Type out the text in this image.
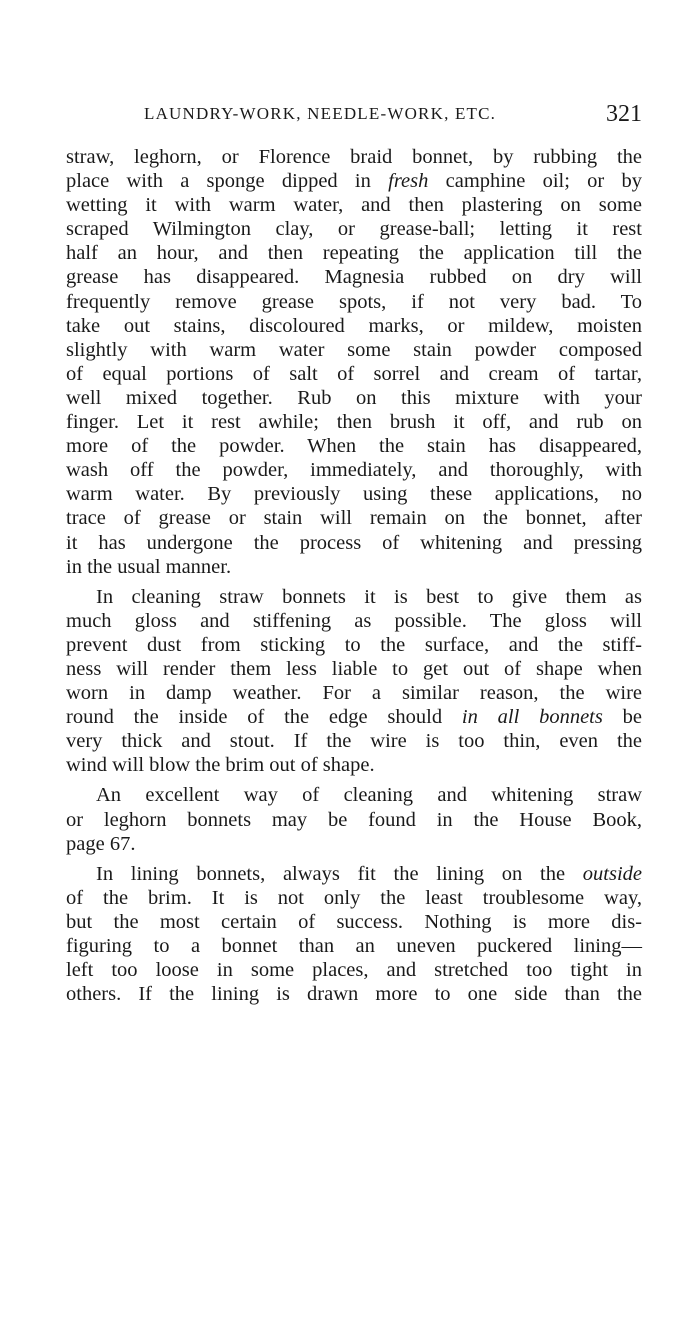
LAUNDRY-WORK, NEEDLE-WORK, ETC.	321
straw, leghorn, or Florence braid bonnet, by rubbing the
place with a sponge dipped in fresh camphine oil; or by
wetting it with warm water, and then plastering on some
scraped Wilmington clay, or grease-ball; letting it rest
half an hour, and then repeating the application till the
grease has disappeared. Magnesia rubbed on dry will
frequently remove grease spots, if not very bad. To
take out stains, discoloured marks, or mildew, moisten
slightly with warm water some stain powder composed
of equal portions of salt of sorrel and cream of tartar,
well mixed together. Rub on this mixture with your
finger. Let it rest awhile; then brush it off, and rub on
more of the powder. When the stain has disappeared,
wash off the powder, immediately, and thoroughly, with
warm water. By previously using these applications, no
trace of grease or stain will remain on the bonnet, after
it has undergone the process of whitening and pressing
in the usual manner.
In cleaning straw bonnets it is best to give them as
much gloss and stiffening as possible. The gloss will
prevent dust from sticking to the surface, and the stiff-
ness will render them less liable to get out of shape when
worn in damp weather. For a similar reason, the wire
round the inside of the edge should in all bonnets be
very thick and stout. If the wire is too thin, even the
wind will blow the brim out of shape.
An excellent way of cleaning and whitening straw
or leghorn bonnets may be found in the House Book,
page 67.
In lining bonnets, always fit the lining on the outside
of the brim. It is not only the least troublesome way,
but the most certain of success. Nothing is more dis-
figuring to a bonnet than an uneven puckered lining—
left too loose in some places, and stretched too tight in
others. If the lining is drawn more to one side than the
